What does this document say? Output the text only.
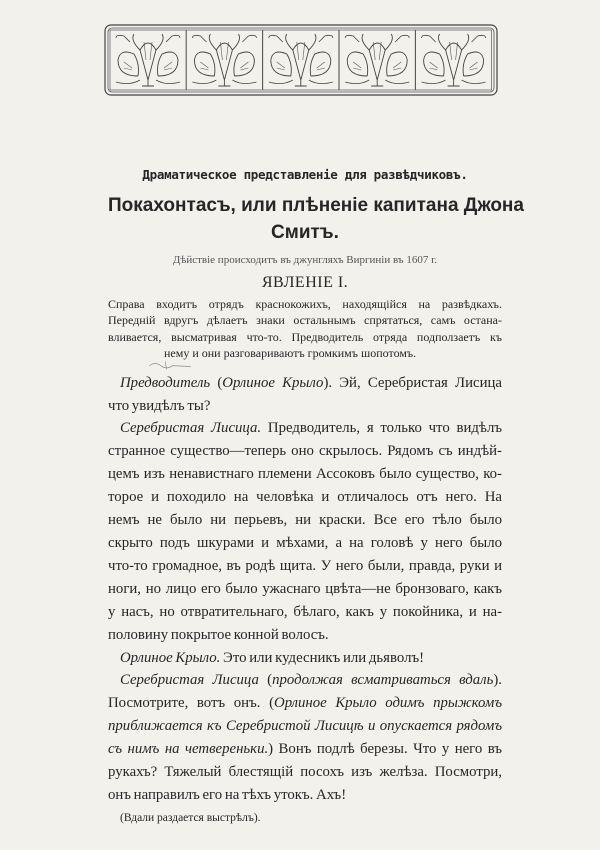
Драматическое представленіе для развѣдчиковъ.
Покахонтасъ, или плѣненіе капитана Джона
Смитъ.
Дѣйствіе происходитъ въ джунгляхъ Виргиніи въ 1607 г.
ЯВЛЕНІЕ І.
Справа входитъ отрядъ краснокожихъ, находящійся на развѣдкахъ.
Передній вдругъ дѣлаетъ знаки остальнымъ спрятаться, самъ остана-
вливается, высматривая что-то. Предводитель отряда подползаетъ къ
нему и они разговариваютъ громкимъ шопотомъ.
Предводитель (Орлиное Крыло). Эй, Серебристая Лисица
что увидѣлъ ты?
Серебристая Лисица. Предводитель, я только что видѣлъ
странное существо—теперь оно скрылось. Рядомъ съ индѣй-
цемъ изъ ненавистнаго племени Ассоковъ было существо, ко-
торое и походило на человѣка и отличалось отъ него. На
немъ не было ни перьевъ, ни краски. Все его тѣло было
скрыто подъ шкурами и мѣхами, а на головѣ у него было
что-то громадное, въ родѣ щита. У него были, правда, руки и
ноги, но лицо его было ужаснаго цвѣта—не бронзоваго, какъ
у насъ, но отвратительнаго, бѣлаго, какъ у покойника, и на-
половину покрытое конной волосъ.
Орлиное Крыло. Это или кудесникъ или дьяволъ!
Серебристая Лисица (продолжая всматриваться вдаль).
Посмотрите, вотъ онъ. (Орлиное Крыло одимъ прыжкомъ
приближается къ Серебристой Лисицѣ и опускается рядомъ
съ нимъ на четвереньки.) Вонъ подлѣ березы. Что у него въ
рукахъ? Тяжелый блестящій посохъ изъ желѣза. Посмотри,
онъ направилъ его на тѣхъ утокъ. Ахъ!
(Вдали раздается выстрѣлъ).
